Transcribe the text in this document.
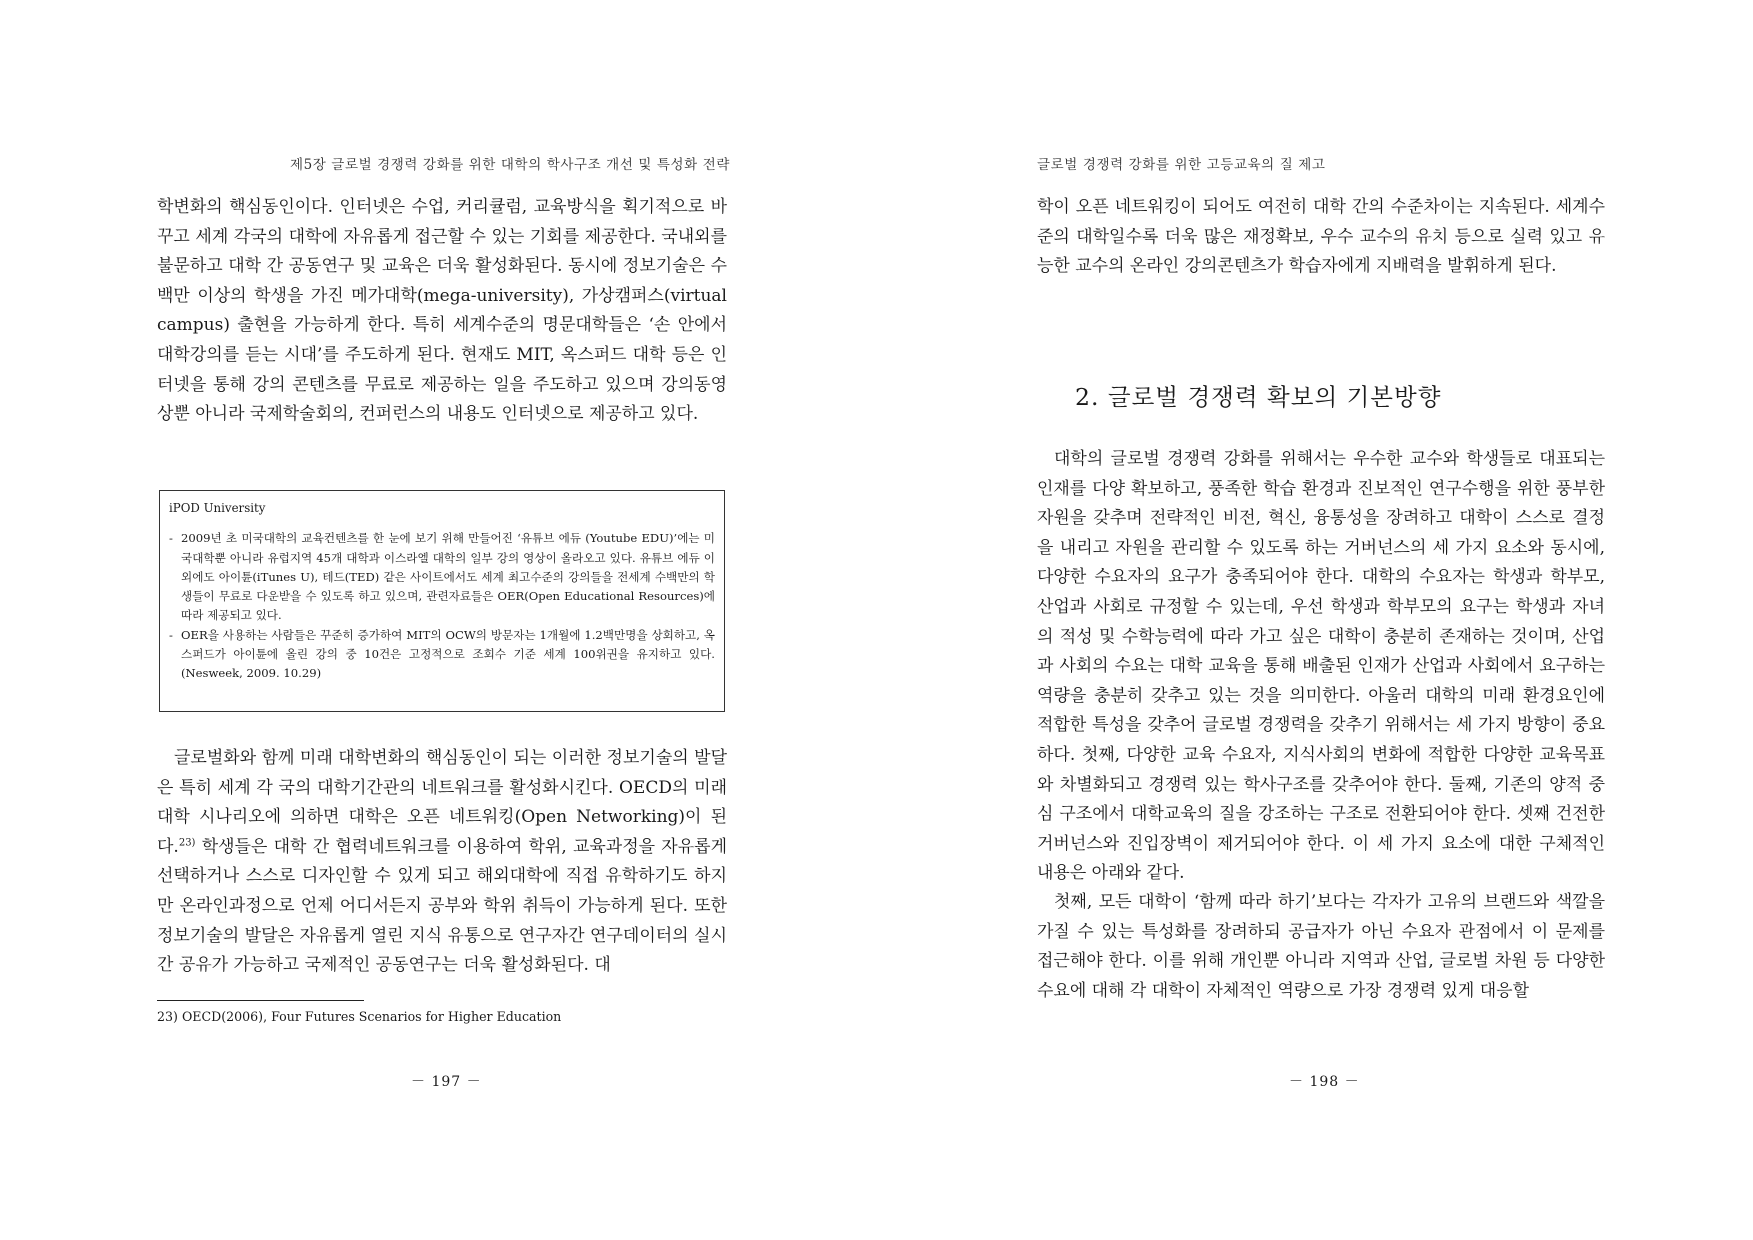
제5장 글로벌 경쟁력 강화를 위한 대학의 학사구조 개선 및 특성화 전략

학변화의 핵심동인이다. 인터넷은 수업, 커리큘럼, 교육방식을 획기적으로 바꾸고 세계 각국의 대학에 자유롭게 접근할 수 있는 기회를 제공한다. 국내외를 불문하고 대학 간 공동연구 및 교육은 더욱 활성화된다. 동시에 정보기술은 수백만 이상의 학생을 가진 메가대학(mega-university), 가상캠퍼스(virtual campus) 출현을 가능하게 한다. 특히 세계수준의 명문대학들은 ‘손 안에서 대학강의를 듣는 시대’를 주도하게 된다. 현재도 MIT, 옥스퍼드 대학 등은 인터넷을 통해 강의 콘텐츠를 무료로 제공하는 일을 주도하고 있으며 강의동영상뿐 아니라 국제학술회의, 컨퍼런스의 내용도 인터넷으로 제공하고 있다.

iPOD University
- 2009년 초 미국대학의 교육컨텐츠를 한 눈에 보기 위해 만들어진 ‘유튜브 에듀 (Youtube EDU)’에는 미국대학뿐 아니라 유럽지역 45개 대학과 이스라엘 대학의 일부 강의 영상이 올라오고 있다. 유튜브 에듀 이외에도 아이튠(iTunes U), 테드(TED) 같은 사이트에서도 세계 최고수준의 강의들을 전세계 수백만의 학생들이 무료로 다운받을 수 있도록 하고 있으며, 관련자료들은 OER(Open Educational Resources)에 따라 제공되고 있다.
- OER을 사용하는 사람들은 꾸준히 증가하여 MIT의 OCW의 방문자는 1개월에 1.2백만명을 상회하고, 옥스퍼드가 아이튠에 올린 강의 중 10건은 고정적으로 조회수 기준 세계 100위권을 유지하고 있다. (Nesweek, 2009. 10.29)

글로벌화와 함께 미래 대학변화의 핵심동인이 되는 이러한 정보기술의 발달은 특히 세계 각 국의 대학기간관의 네트워크를 활성화시킨다. OECD의 미래대학 시나리오에 의하면 대학은 오픈 네트워킹(Open Networking)이 된다.$^{23)}$ 학생들은 대학 간 협력네트워크를 이용하여 학위, 교육과정을 자유롭게 선택하거나 스스로 디자인할 수 있게 되고 해외대학에 직접 유학하기도 하지만 온라인과정으로 언제 어디서든지 공부와 학위 취득이 가능하게 된다. 또한 정보기술의 발달은 자유롭게 열린 지식 유통으로 연구자간 연구데이터의 실시간 공유가 가능하고 국제적인 공동연구는 더욱 활성화된다. 대

23) OECD(2006), Four Futures Scenarios for Higher Education
－ 197 －
글로벌 경쟁력 강화를 위한 고등교육의 질 제고

학이 오픈 네트워킹이 되어도 여전히 대학 간의 수준차이는 지속된다. 세계수준의 대학일수록 더욱 많은 재정확보, 우수 교수의 유치 등으로 실력 있고 유능한 교수의 온라인 강의콘텐츠가 학습자에게 지배력을 발휘하게 된다.

2. 글로벌 경쟁력 확보의 기본방향

대학의 글로벌 경쟁력 강화를 위해서는 우수한 교수와 학생들로 대표되는 인재를 다양 확보하고, 풍족한 학습 환경과 진보적인 연구수행을 위한 풍부한 자원을 갖추며 전략적인 비전, 혁신, 융통성을 장려하고 대학이 스스로 결정을 내리고 자원을 관리할 수 있도록 하는 거버넌스의 세 가지 요소와 동시에, 다양한 수요자의 요구가 충족되어야 한다. 대학의 수요자는 학생과 학부모, 산업과 사회로 규정할 수 있는데, 우선 학생과 학부모의 요구는 학생과 자녀의 적성 및 수학능력에 따라 가고 싶은 대학이 충분히 존재하는 것이며, 산업과 사회의 수요는 대학 교육을 통해 배출된 인재가 산업과 사회에서 요구하는 역량을 충분히 갖추고 있는 것을 의미한다. 아울러 대학의 미래 환경요인에 적합한 특성을 갖추어 글로벌 경쟁력을 갖추기 위해서는 세 가지 방향이 중요하다. 첫째, 다양한 교육 수요자, 지식사회의 변화에 적합한 다양한 교육목표와 차별화되고 경쟁력 있는 학사구조를 갖추어야 한다. 둘째, 기존의 양적 중심 구조에서 대학교육의 질을 강조하는 구조로 전환되어야 한다. 셋째 건전한 거버넌스와 진입장벽이 제거되어야 한다. 이 세 가지 요소에 대한 구체적인 내용은 아래와 같다.

첫째, 모든 대학이 ‘함께 따라 하기’보다는 각자가 고유의 브랜드와 색깔을 가질 수 있는 특성화를 장려하되 공급자가 아닌 수요자 관점에서 이 문제를 접근해야 한다. 이를 위해 개인뿐 아니라 지역과 산업, 글로벌 차원 등 다양한 수요에 대해 각 대학이 자체적인 역량으로 가장 경쟁력 있게 대응할

－ 198 －
